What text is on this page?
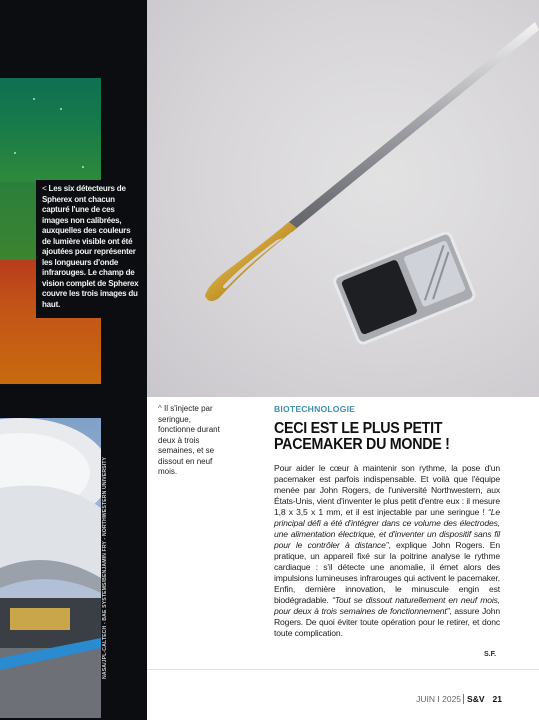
< Les six détecteurs de Spherex ont chacun capturé l'une de ces images non calibrées, auxquelles des couleurs de lumière visible ont été ajoutées pour représenter les longueurs d'onde infrarouges. Le champ de vision complet de Spherex couvre les trois images du haut.
NASA/JPL-CALTECH - BAE SYSTEMS/BENJAMIN FRY - NORTHWESTERN UNIVERSITY
^ Il s'injecte par seringue, fonctionne durant deux à trois semaines, et se dissout en neuf mois.
BIOTECHNOLOGIE
CECI EST LE PLUS PETIT PACEMAKER DU MONDE !
Pour aider le cœur à maintenir son rythme, la pose d'un pacemaker est parfois indispensable. Et voilà que l'équipe menée par John Rogers, de l'université Northwestern, aux États-Unis, vient d'inventer le plus petit d'entre eux : il mesure 1,8 x 3,5 x 1 mm, et il est injectable par une seringue ! “Le principal défi a été d'intégrer dans ce volume des électrodes, une alimentation électrique, et d'inventer un dispositif sans fil pour le contrôler à distance”, explique John Rogers. En pratique, un appareil fixé sur la poitrine analyse le rythme cardiaque : s'il détecte une anomalie, il émet alors des impulsions lumineuses infrarouges qui activent le pacemaker. Enfin, dernière innovation, le minuscule engin est biodégradable. “Tout se dissout naturellement en neuf mois, pour deux à trois semaines de fonctionnement”, assure John Rogers. De quoi éviter toute opération pour le retirer, et donc toute complication.
S.F.
JUIN I 2025 S&V 21
